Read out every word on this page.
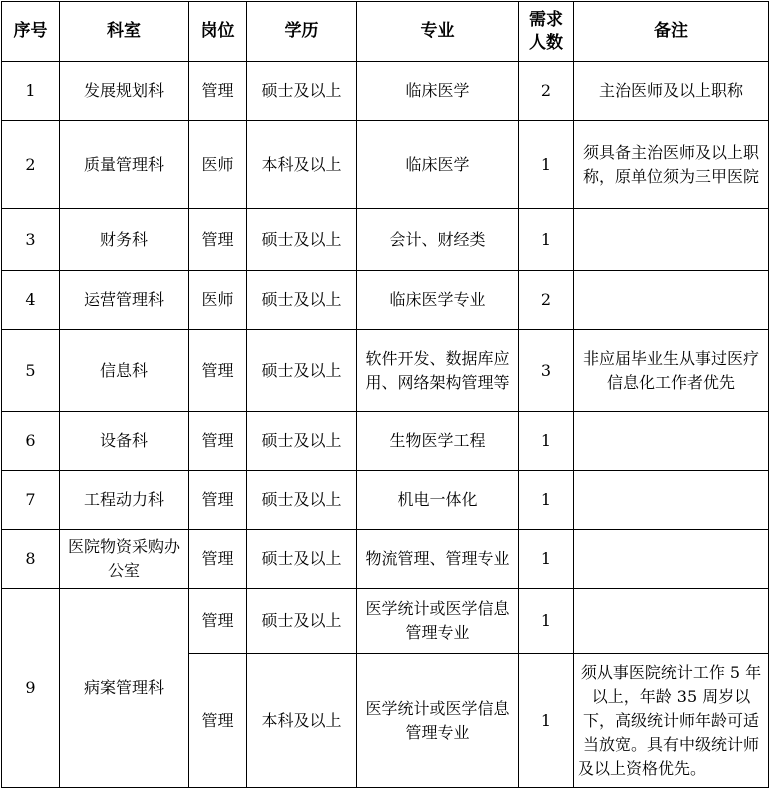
序号	科室	岗位	学历	专业	需求人数	备注
1	发展规划科	管理	硕士及以上	临床医学	2	主治医师及以上职称
2	质量管理科	医师	本科及以上	临床医学	1	须具备主治医师及以上职称，原单位须为三甲医院
3	财务科	管理	硕士及以上	会计、财经类	1	
4	运营管理科	医师	硕士及以上	临床医学专业	2	
5	信息科	管理	硕士及以上	软件开发、数据库应用、网络架构管理等	3	非应届毕业生从事过医疗信息化工作者优先
6	设备科	管理	硕士及以上	生物医学工程	1	
7	工程动力科	管理	硕士及以上	机电一体化	1	
8	医院物资采购办公室	管理	硕士及以上	物流管理、管理专业	1	
9	病案管理科	管理	硕士及以上	医学统计或医学信息管理专业	1	
		管理	本科及以上	医学统计或医学信息管理专业	1	须从事医院统计工作 5 年以上，年龄 35 周岁以下，高级统计师年龄可适当放宽。具有中级统计师及以上资格优先。
